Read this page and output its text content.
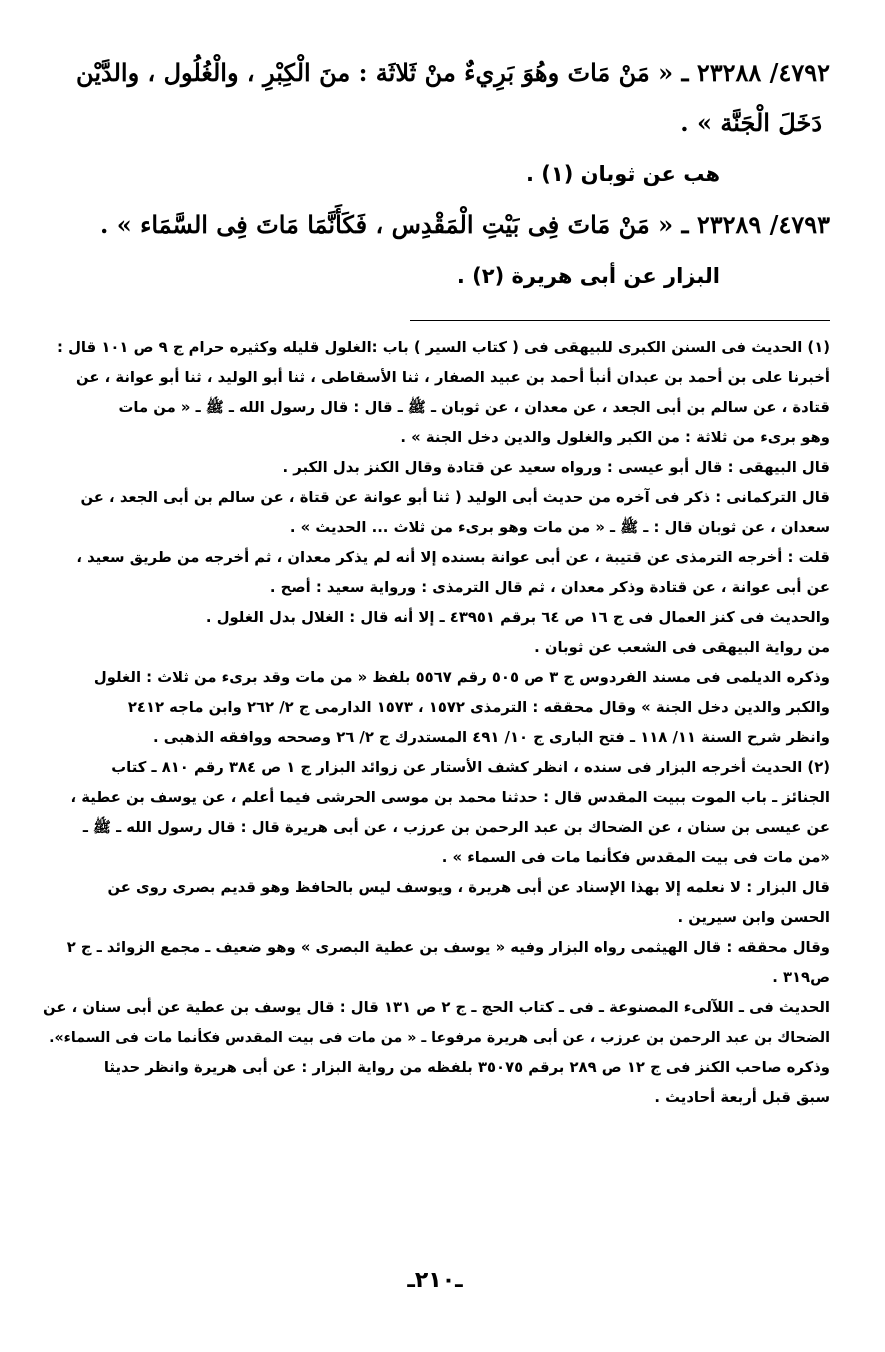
٤٧٩٢/ ٢٣٢٨٨ ـ « مَنْ مَاتَ وهُوَ بَرِيءٌ منْ ثَلاثَة : منَ الْكِبْرِ ، والْغُلُول ، والدَّيْن

دَخَلَ الْجَنَّة » .

هب عن ثوبان (١) .

٤٧٩٣/ ٢٣٢٨٩ ـ « مَنْ مَاتَ فِى بَيْتِ الْمَقْدِس ، فَكَأَنَّمَا مَاتَ فِى السَّمَاء » .

البزار عن أبى هريرة (٢) .

(١) الحديث فى السنن الكبرى للبيهقى فى ( كتاب السير ) باب :الغلول قليله وكثيره حرام ج ٩ ص ١٠١ قال :

أخبرنا على بن أحمد بن عبدان أنبأ أحمد بن عبيد الصفار ، ثنا الأسقاطى ، ثنا أبو الوليد ، ثنا أبو عوانة ، عن

قتادة ، عن سالم بن أبى الجعد ، عن معدان ، عن ثوبان ـ ﷺ ـ قال : قال رسول الله ـ ﷺ ـ « من مات

وهو برىء من ثلاثة : من الكبر والغلول والدين دخل الجنة » .

قال البيهقى : قال أبو عيسى : ورواه سعيد عن قتادة وقال الكنز بدل الكبر .

قال التركمانى : ذكر فى آخره من حديث أبى الوليد ( ثنا أبو عوانة عن قتاة ، عن سالم بن أبى الجعد ، عن

سعدان ، عن ثوبان قال : ـ ﷺ ـ « من مات وهو برىء من ثلاث ... الحديث » .

قلت : أخرجه الترمذى عن قتيبة ، عن أبى عوانة بسنده إلا أنه لم يذكر معدان ، ثم أخرجه من طريق سعيد ،

عن أبى عوانة ، عن قتادة وذكر معدان ، ثم قال الترمذى : ورواية سعيد : أصح .

والحديث فى كنز العمال فى ج ١٦ ص ٦٤ برقم ٤٣٩٥١ ـ إلا أنه قال : الغلال بدل الغلول .

من رواية البيهقى فى الشعب عن ثوبان .

وذكره الديلمى فى مسند الفردوس ج ٣ ص ٥٠٥ رقم ٥٥٦٧ بلفظ « من مات وقد برىء من ثلاث : الغلول

والكبر والدين دخل الجنة » وقال محققه : الترمذى ١٥٧٢ ، ١٥٧٣ الدارمى ج ٢/ ٢٦٢ وابن ماجه ٢٤١٢

وانظر شرح السنة ١١/ ١١٨ ـ فتح البارى ج ١٠/ ٤٩١ المستدرك ج ٢/ ٢٦ وصححه ووافقه الذهبى .

(٢) الحديث أخرجه البزار فى سنده ، انظر كشف الأستار عن زوائد البزار ج ١ ص ٣٨٤ رقم ٨١٠ ـ كتاب

الجنائز ـ باب الموت ببيت المقدس قال : حدثنا محمد بن موسى الحرشى فيما أعلم ، عن يوسف بن عطية ،

عن عيسى بن سنان ، عن الضحاك بن عبد الرحمن بن عرزب ، عن أبى هريرة قال : قال رسول الله ـ ﷺ ـ

«من مات فى بيت المقدس فكأنما مات فى السماء » .

قال البزار : لا نعلمه إلا بهذا الإسناد عن أبى هريرة ، ويوسف ليس بالحافظ وهو قديم بصرى روى عن

الحسن وابن سيرين .

وقال محققه : قال الهيثمى رواه البزار وفيه « يوسف بن عطية البصرى » وهو ضعيف ـ مجمع الزوائد ـ ج ٢

ص٣١٩ .

الحديث فى ـ اللآلىء المصنوعة ـ فى ـ كتاب الحج ـ ج ٢ ص ١٣١ قال : قال يوسف بن عطية عن أبى سنان ، عن

الضحاك بن عبد الرحمن بن عرزب ، عن أبى هريرة مرفوعا ـ « من مات فى بيت المقدس فكأنما مات فى السماء».

وذكره صاحب الكنز فى ج ١٢ ص ٢٨٩ برقم ٣٥٠٧٥ بلفظه من رواية البزار : عن أبى هريرة وانظر حديثا

سبق قبل أربعة أحاديث .

ـ٢١٠ـ
